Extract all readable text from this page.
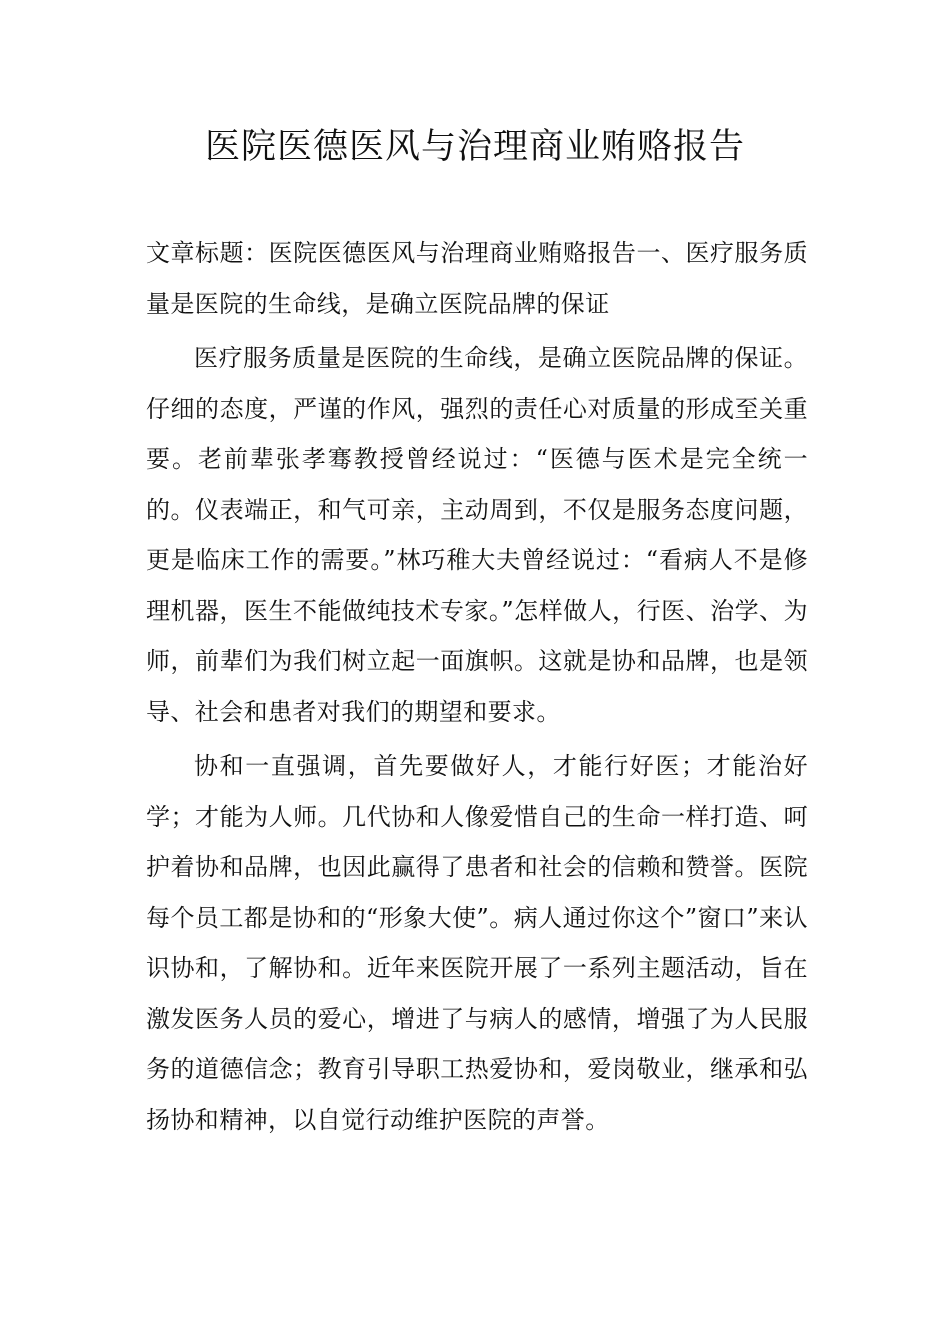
医院医德医风与治理商业贿赂报告

文章标题：医院医德医风与治理商业贿赂报告一、医疗服务质量是医院的生命线，是确立医院品牌的保证

医疗服务质量是医院的生命线，是确立医院品牌的保证。仔细的态度，严谨的作风，强烈的责任心对质量的形成至关重要。老前辈张孝骞教授曾经说过：“医德与医术是完全统一的。仪表端正，和气可亲，主动周到，不仅是服务态度问题，更是临床工作的需要。”林巧稚大夫曾经说过：“看病人不是修理机器，医生不能做纯技术专家。”怎样做人，行医、治学、为师，前辈们为我们树立起一面旗帜。这就是协和品牌，也是领导、社会和患者对我们的期望和要求。

协和一直强调，首先要做好人，才能行好医；才能治好学；才能为人师。几代协和人像爱惜自己的生命一样打造、呵护着协和品牌，也因此赢得了患者和社会的信赖和赞誉。医院每个员工都是协和的“形象大使”。病人通过你这个”窗口”来认识协和，了解协和。近年来医院开展了一系列主题活动，旨在激发医务人员的爱心，增进了与病人的感情，增强了为人民服务的道德信念；教育引导职工热爱协和，爱岗敬业，继承和弘扬协和精神，以自觉行动维护医院的声誉。
